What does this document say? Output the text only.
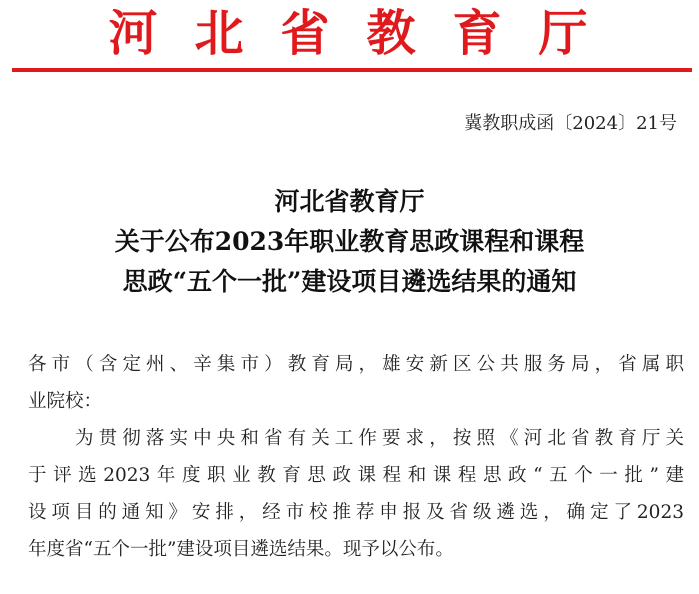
河北省教育厅
冀教职成函〔2024〕21号
河北省教育厅
关于公布2023年职业教育思政课程和课程
思政“五个一批”建设项目遴选结果的通知
各市（含定州、辛集市）教育局，雄安新区公共服务局，省属职
业院校：
为贯彻落实中央和省有关工作要求，按照《河北省教育厅关
于评选2023年度职业教育思政课程和课程思政“五个一批”建
设项目的通知》安排，经市校推荐申报及省级遴选，确定了2023
年度省“五个一批”建设项目遴选结果。现予以公布。
